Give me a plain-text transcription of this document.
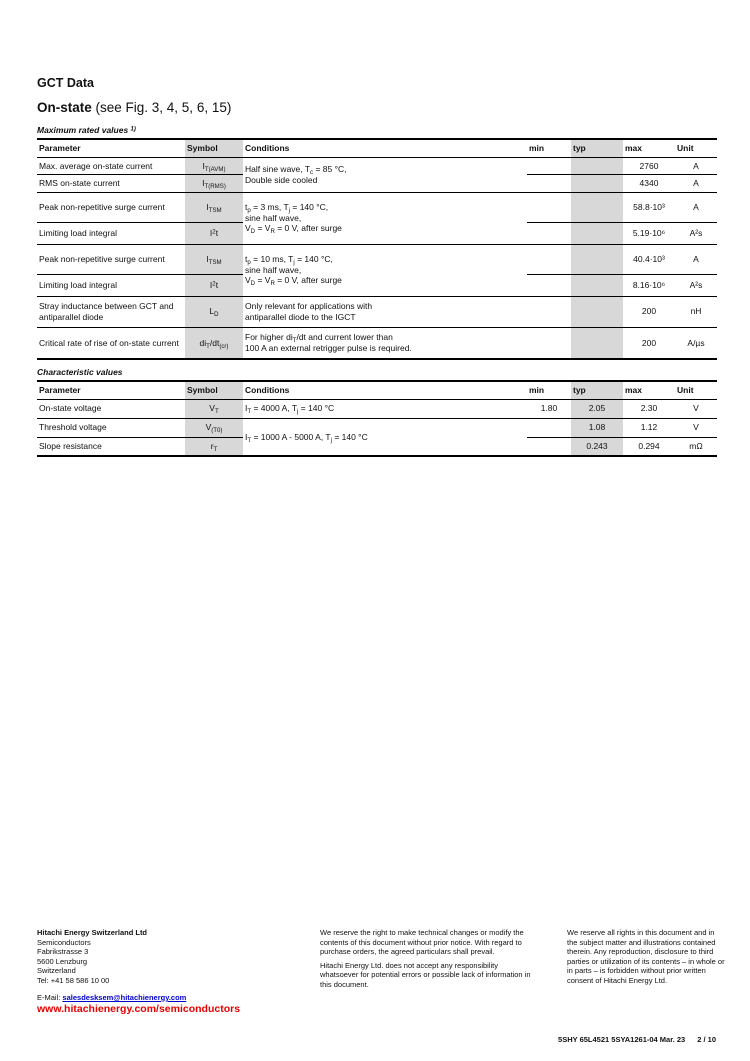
GCT Data
On-state (see Fig. 3, 4, 5, 6, 15)
Maximum rated values $^{1)}$
Parameter	Symbol	Conditions	min	typ	max	Unit
Max. average on-state current	$I_{T(AVM)}$	Half sine wave, $T_c = 85$ °C,
Double side cooled			2760	A
RMS on-state current	$I_{T(RMS)}$				4340	A
Peak non-repetitive surge current	$I_{TSM}$	$t_p = 3$ ms, $T_j = 140$ °C,
sine half wave,
$V_D = V_R = 0$ V, after surge			58.8·10³	A
Limiting load integral	$I^2t$				5.19·10⁶	A²s
Peak non-repetitive surge current	$I_{TSM}$	$t_p = 10$ ms, $T_j = 140$ °C,
sine half wave,
$V_D = V_R = 0$ V, after surge			40.4·10³	A
Limiting load integral	$I^2t$				8.16·10⁶	A²s
Stray inductance between GCT and antiparallel diode	$L_D$	Only relevant for applications with
antiparallel diode to the IGCT			200	nH
Critical rate of rise of on-state current	$di_T/dt_{(cr)}$	For higher $di_T/dt$ and current lower than
100 A an external retrigger pulse is required.			200	A/µs
Characteristic values
Parameter	Symbol	Conditions	min	typ	max	Unit
On-state voltage	$V_T$	$I_T = 4000$ A, $T_j = 140$ °C	1.80	2.05	2.30	V
Threshold voltage	$V_{(T0)}$	$I_T = 1000$ A - 5000 A, $T_j = 140$ °C		1.08	1.12	V
Slope resistance	$r_T$			0.243	0.294	mΩ
Hitachi Energy Switzerland Ltd
Semiconductors
Fabrikstrasse 3
5600 Lenzburg
Switzerland
Tel: +41 58 586 10 00
E-Mail: salesdesksem@hitachienergy.com
www.hitachienergy.com/semiconductors

We reserve the right to make technical changes or modify the contents of this document without prior notice. With regard to purchase orders, the agreed particulars shall prevail.

Hitachi Energy Ltd. does not accept any responsibility whatsoever for potential errors or possible lack of information in this document.

We reserve all rights in this document and in the subject matter and illustrations contained therein. Any reproduction, disclosure to third parties or utilization of its contents – in whole or in parts – is forbidden without prior written consent of Hitachi Energy Ltd.

5SHY 65L4521 5SYA1261-04 Mar. 23 2 / 10
